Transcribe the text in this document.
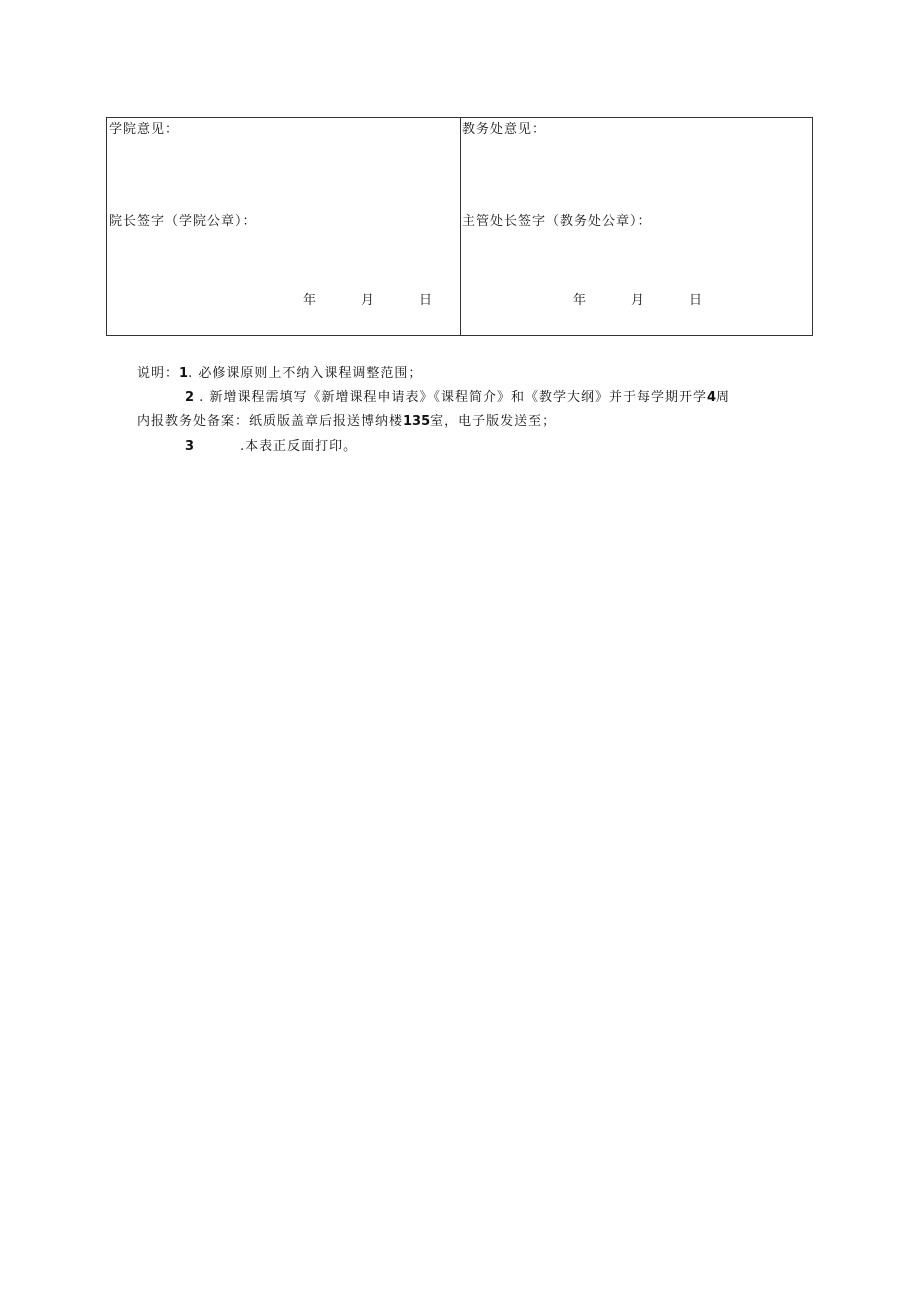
学院意见：
院长签字（学院公章）：
年	月	日
教务处意见：
主管处长签字（教务处公章）：
年	月	日
说明：1. 必修课原则上不纳入课程调整范围；
2 . 新增课程需填写《新增课程申请表》《课程简介》和《教学大纲》并于每学期开学4周
内报教务处备案：纸质版盖章后报送博纳楼135室，电子版发送至；
3	.本表正反面打印。
